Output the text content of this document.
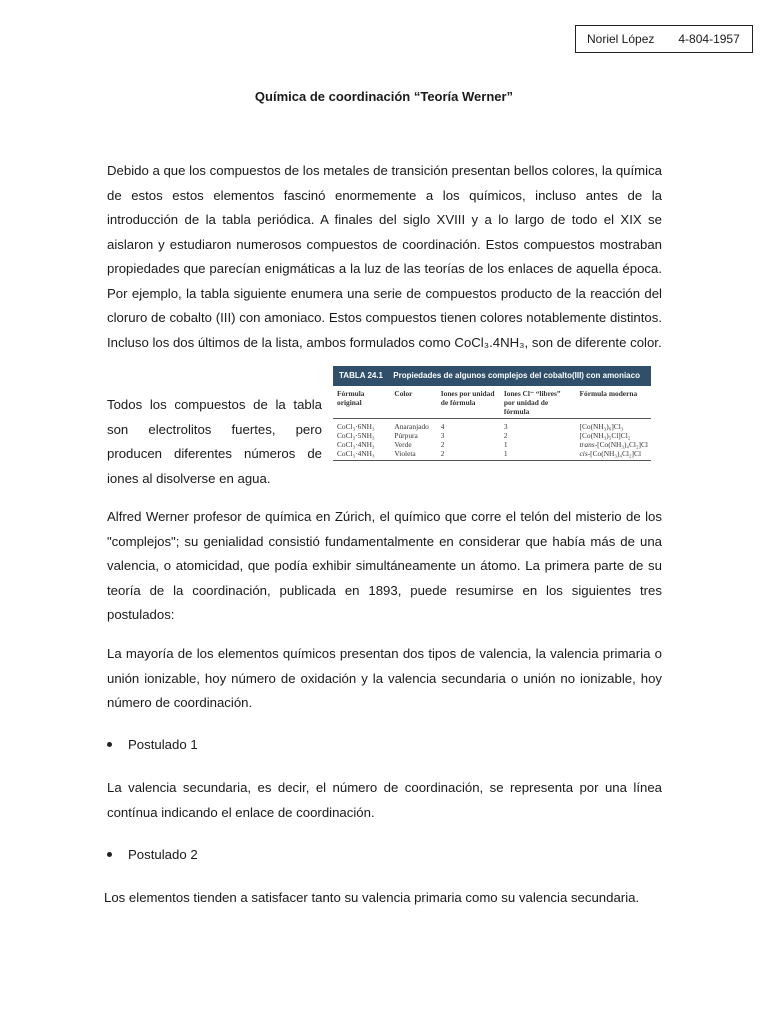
Noriel López 4-804-1957
Química de coordinación “Teoría Werner”

Debido a que los compuestos de los metales de transición presentan bellos colores, la química de estos estos elementos fascinó enormemente a los químicos, incluso antes de la introducción de la tabla periódica. A finales del siglo XVIII y a lo largo de todo el XIX se aislaron y estudiaron numerosos compuestos de coordinación. Estos compuestos mostraban propiedades que parecían enigmáticas a la luz de las teorías de los enlaces de aquella época. Por ejemplo, la tabla siguiente enumera una serie de compuestos producto de la reacción del cloruro de cobalto (III) con amoniaco. Estos compuestos tienen colores notablemente distintos. Incluso los dos últimos de la lista, ambos formulados como CoCl₃.4NH₃, son de diferente color.

Todos los compuestos de la tabla son electrolitos fuertes, pero producen diferentes números de iones al disolverse en agua.

TABLA 24.1 Propiedades de algunos complejos del cobalto(III) con amoniaco
Fórmula original	Color	Iones por unidad de fórmula	Iones Cl⁻ “libres” por unidad de fórmula	Fórmula moderna
CoCl₃·6NH₃	Anaranjado	4	3	[Co(NH₃)₆]Cl₃
CoCl₃·5NH₃	Púrpura	3	2	[Co(NH₃)₅Cl]Cl₂
CoCl₃·4NH₃	Verde	2	1	trans-[Co(NH₃)₄Cl₂]Cl
CoCl₃·4NH₃	Violeta	2	1	cis-[Co(NH₃)₄Cl₂]Cl

Alfred Werner profesor de química en Zúrich, el químico que corre el telón del misterio de los "complejos"; su genialidad consistió fundamentalmente en considerar que había más de una valencia, o atomicidad, que podía exhibir simultáneamente un átomo. La primera parte de su teoría de la coordinación, publicada en 1893, puede resumirse en los siguientes tres postulados:

La mayoría de los elementos químicos presentan dos tipos de valencia, la valencia primaria o unión ionizable, hoy número de oxidación y la valencia secundaria o unión no ionizable, hoy número de coordinación.

Postulado 1

La valencia secundaria, es decir, el número de coordinación, se representa por una línea contínua indicando el enlace de coordinación.

Postulado 2

Los elementos tienden a satisfacer tanto su valencia primaria como su valencia secundaria.
